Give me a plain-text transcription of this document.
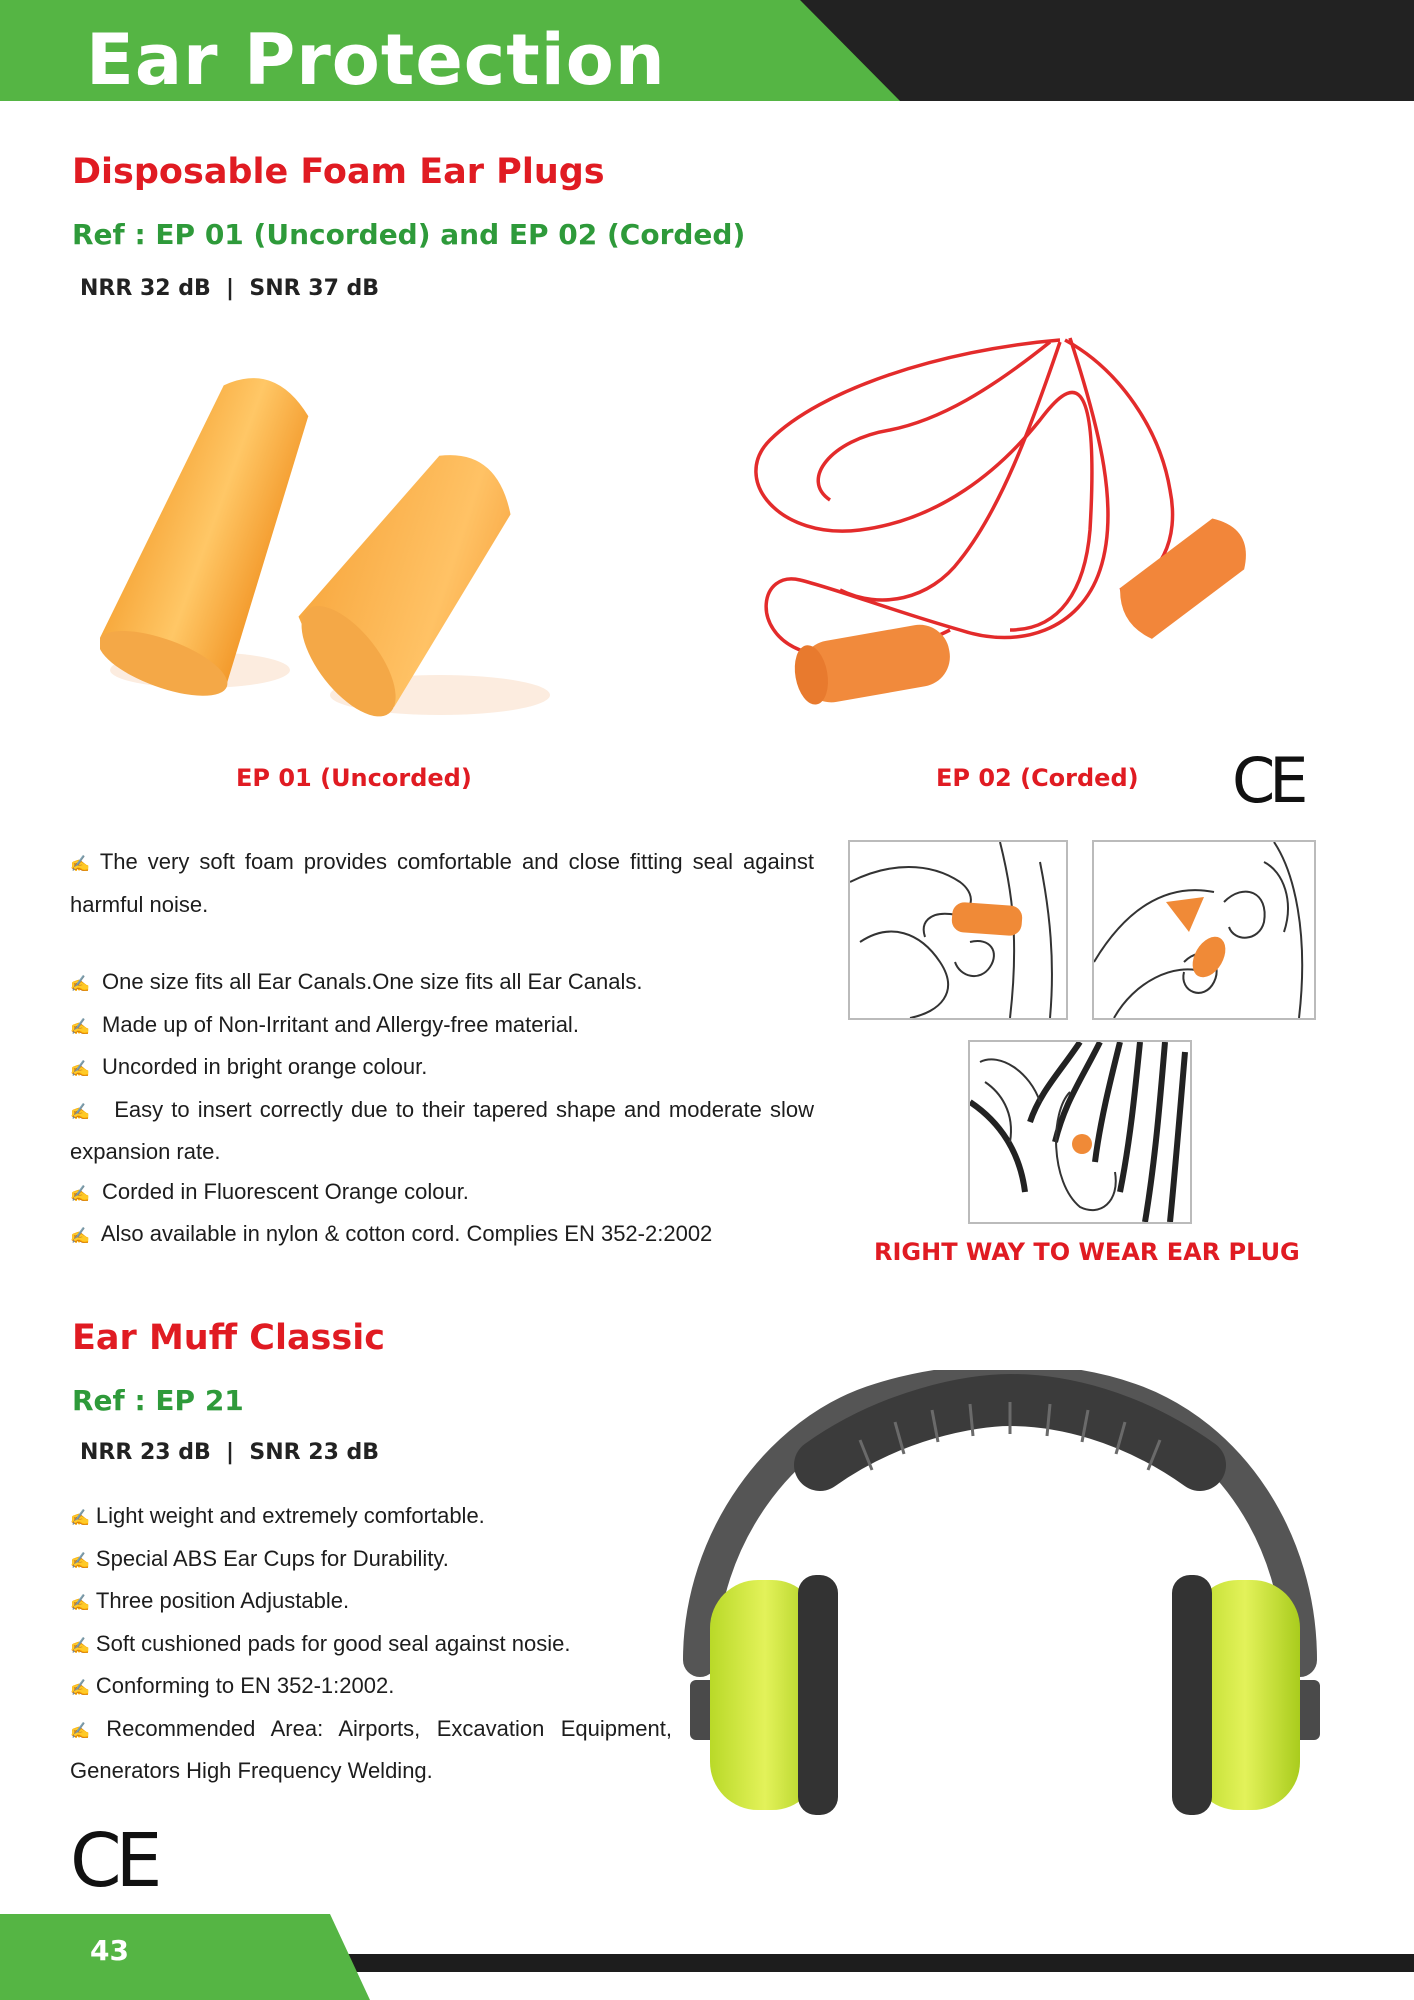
Ear Protection
Disposable Foam Ear Plugs
Ref : EP 01 (Uncorded) and EP 02 (Corded)
NRR 32 dB  |  SNR 37 dB
EP 01 (Uncorded)	EP 02 (Corded) CE
✍ The very soft foam provides comfortable and close fitting seal against harmful noise.
✍ One size fits all Ear Canals.One size fits all Ear Canals.
✍ Made up of Non-Irritant and Allergy-free material.
✍ Uncorded in bright orange colour.
✍ Easy to insert correctly due to their tapered shape and moderate slow expansion rate.
✍ Corded in Fluorescent Orange colour.
✍ Also available in nylon & cotton cord. Complies EN 352-2:2002
RIGHT WAY TO WEAR EAR PLUG
Ear Muff Classic
Ref : EP 21
NRR 23 dB  |  SNR 23 dB
✍ Light weight and extremely comfortable.
✍ Special ABS Ear Cups for Durability.
✍ Three position Adjustable.
✍ Soft cushioned pads for good seal against nosie.
✍ Conforming to EN 352-1:2002.
✍ Recommended Area: Airports, Excavation Equipment, Generators High Frequency Welding.
CE
43
